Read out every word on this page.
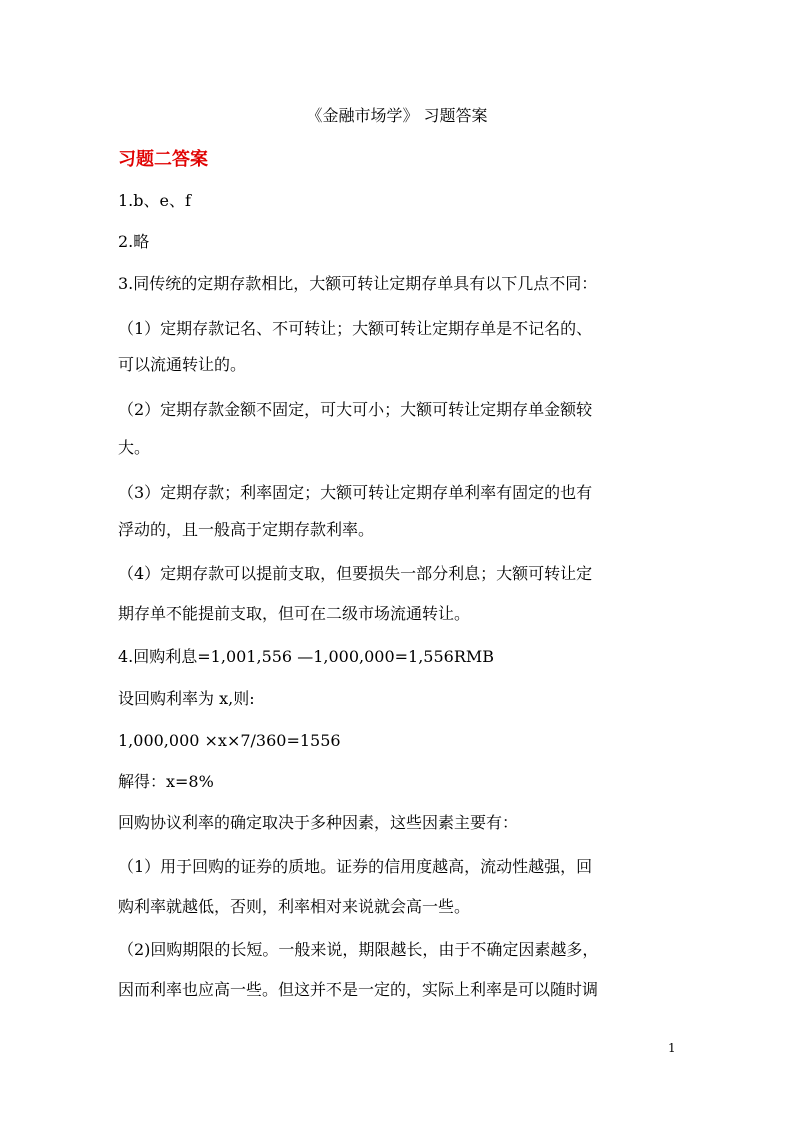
《金融市场学》 习题答案
习题二答案
1.b、e、f
2.略
3.同传统的定期存款相比，大额可转让定期存单具有以下几点不同：
（1）定期存款记名、不可转让；大额可转让定期存单是不记名的、
可以流通转让的。
（2）定期存款金额不固定，可大可小；大额可转让定期存单金额较
大。
（3）定期存款；利率固定；大额可转让定期存单利率有固定的也有
浮动的，且一般高于定期存款利率。
（4）定期存款可以提前支取，但要损失一部分利息；大额可转让定
期存单不能提前支取，但可在二级市场流通转让。
4.回购利息=1,001,556 —1,000,000=1,556RMB
设回购利率为 x,则:
1,000,000 ×x×7/360=1556
解得：x=8%
回购协议利率的确定取决于多种因素，这些因素主要有：
（1）用于回购的证券的质地。证券的信用度越高，流动性越强，回
购利率就越低，否则，利率相对来说就会高一些。
（2)回购期限的长短。一般来说，期限越长，由于不确定因素越多，
因而利率也应高一些。但这并不是一定的，实际上利率是可以随时调
1
